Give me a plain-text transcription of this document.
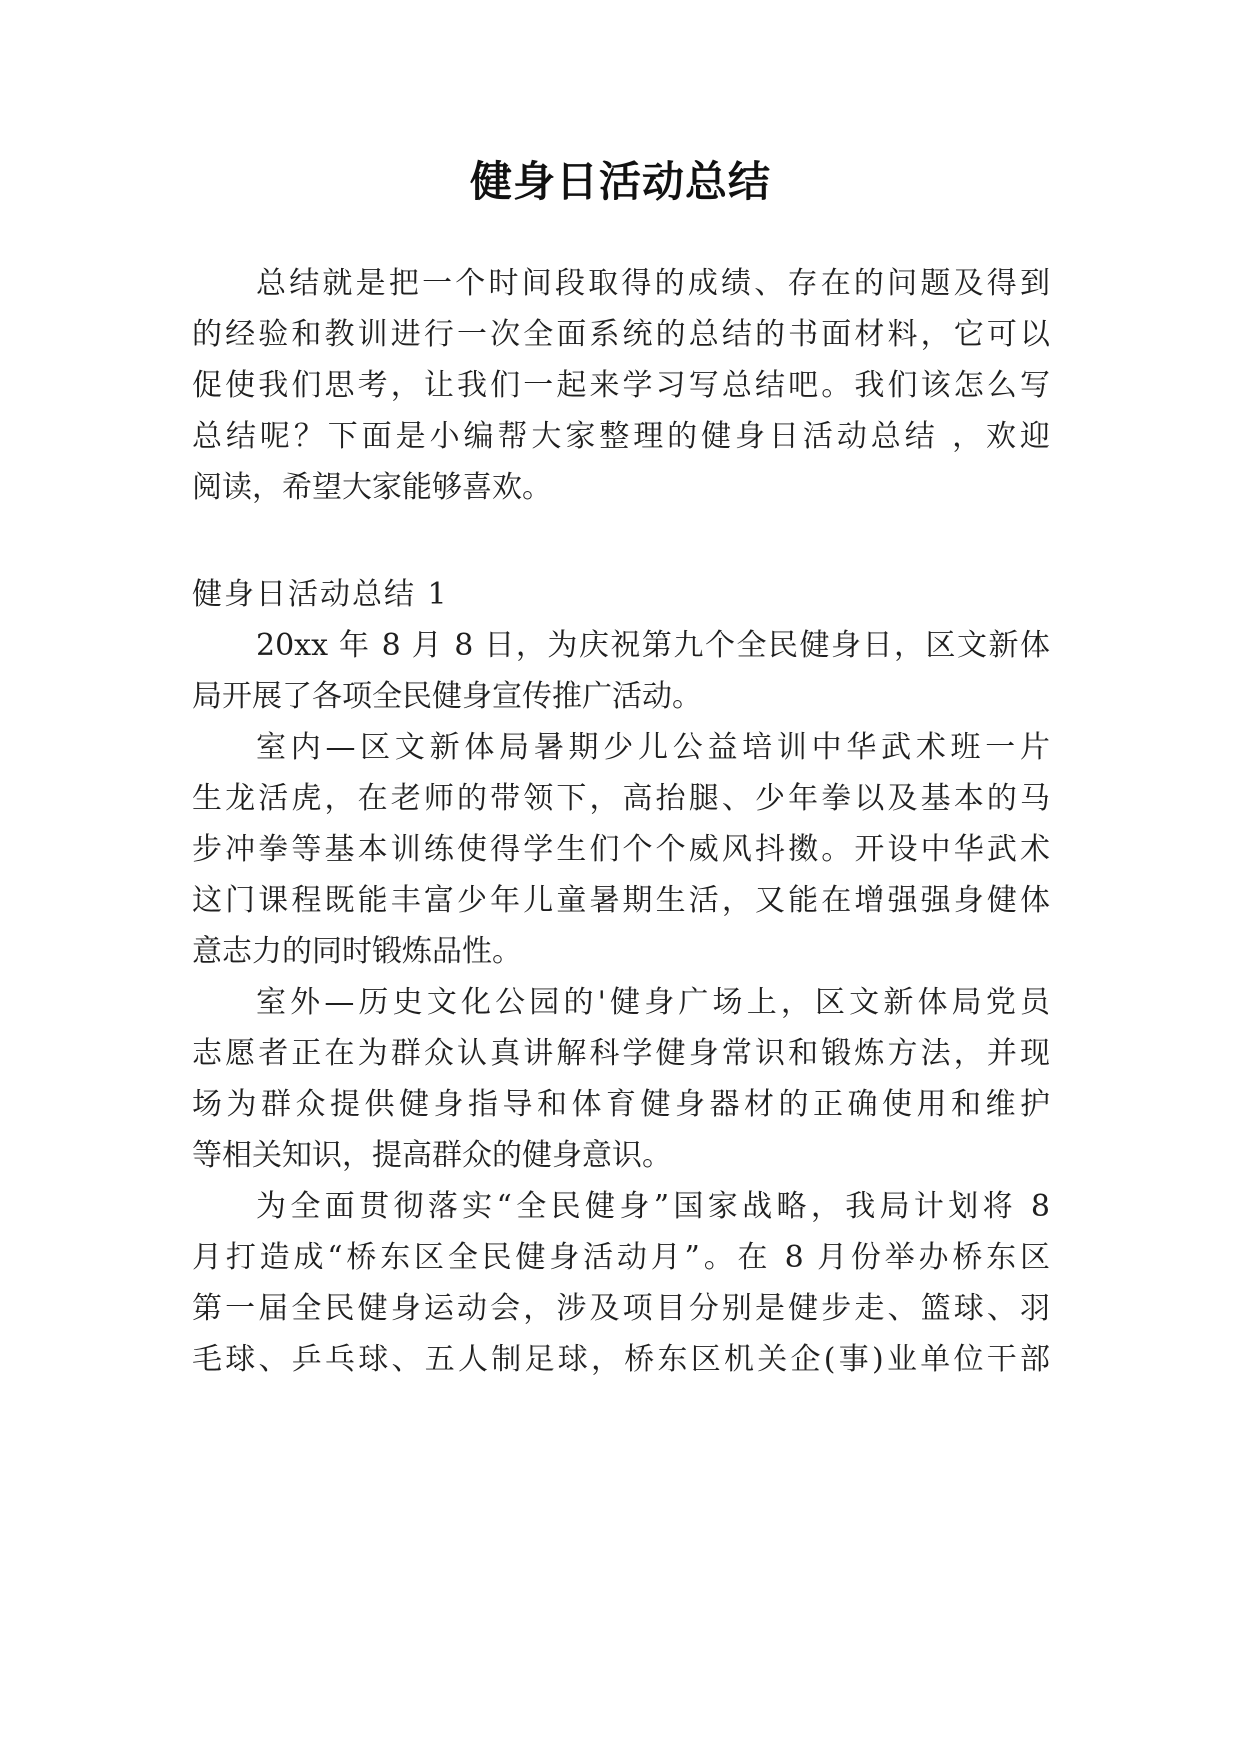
健身日活动总结

总结就是把一个时间段取得的成绩、存在的问题及得到

的经验和教训进行一次全面系统的总结的书面材料，它可以

促使我们思考，让我们一起来学习写总结吧。我们该怎么写

总结呢？下面是小编帮大家整理的健身日活动总结 ，欢迎

阅读，希望大家能够喜欢。

健身日活动总结 1

20xx 年 8 月 8 日，为庆祝第九个全民健身日，区文新体

局开展了各项全民健身宣传推广活动。

室内—区文新体局暑期少儿公益培训中华武术班一片

生龙活虎，在老师的带领下，高抬腿、少年拳以及基本的马

步冲拳等基本训练使得学生们个个威风抖擞。开设中华武术

这门课程既能丰富少年儿童暑期生活，又能在增强强身健体

意志力的同时锻炼品性。

室外—历史文化公园的'健身广场上，区文新体局党员

志愿者正在为群众认真讲解科学健身常识和锻炼方法，并现

场为群众提供健身指导和体育健身器材的正确使用和维护

等相关知识，提高群众的健身意识。

为全面贯彻落实“全民健身”国家战略，我局计划将 8

月打造成“桥东区全民健身活动月”。在 8 月份举办桥东区

第一届全民健身运动会，涉及项目分别是健步走、篮球、羽

毛球、乒乓球、五人制足球，桥东区机关企(事)业单位干部
